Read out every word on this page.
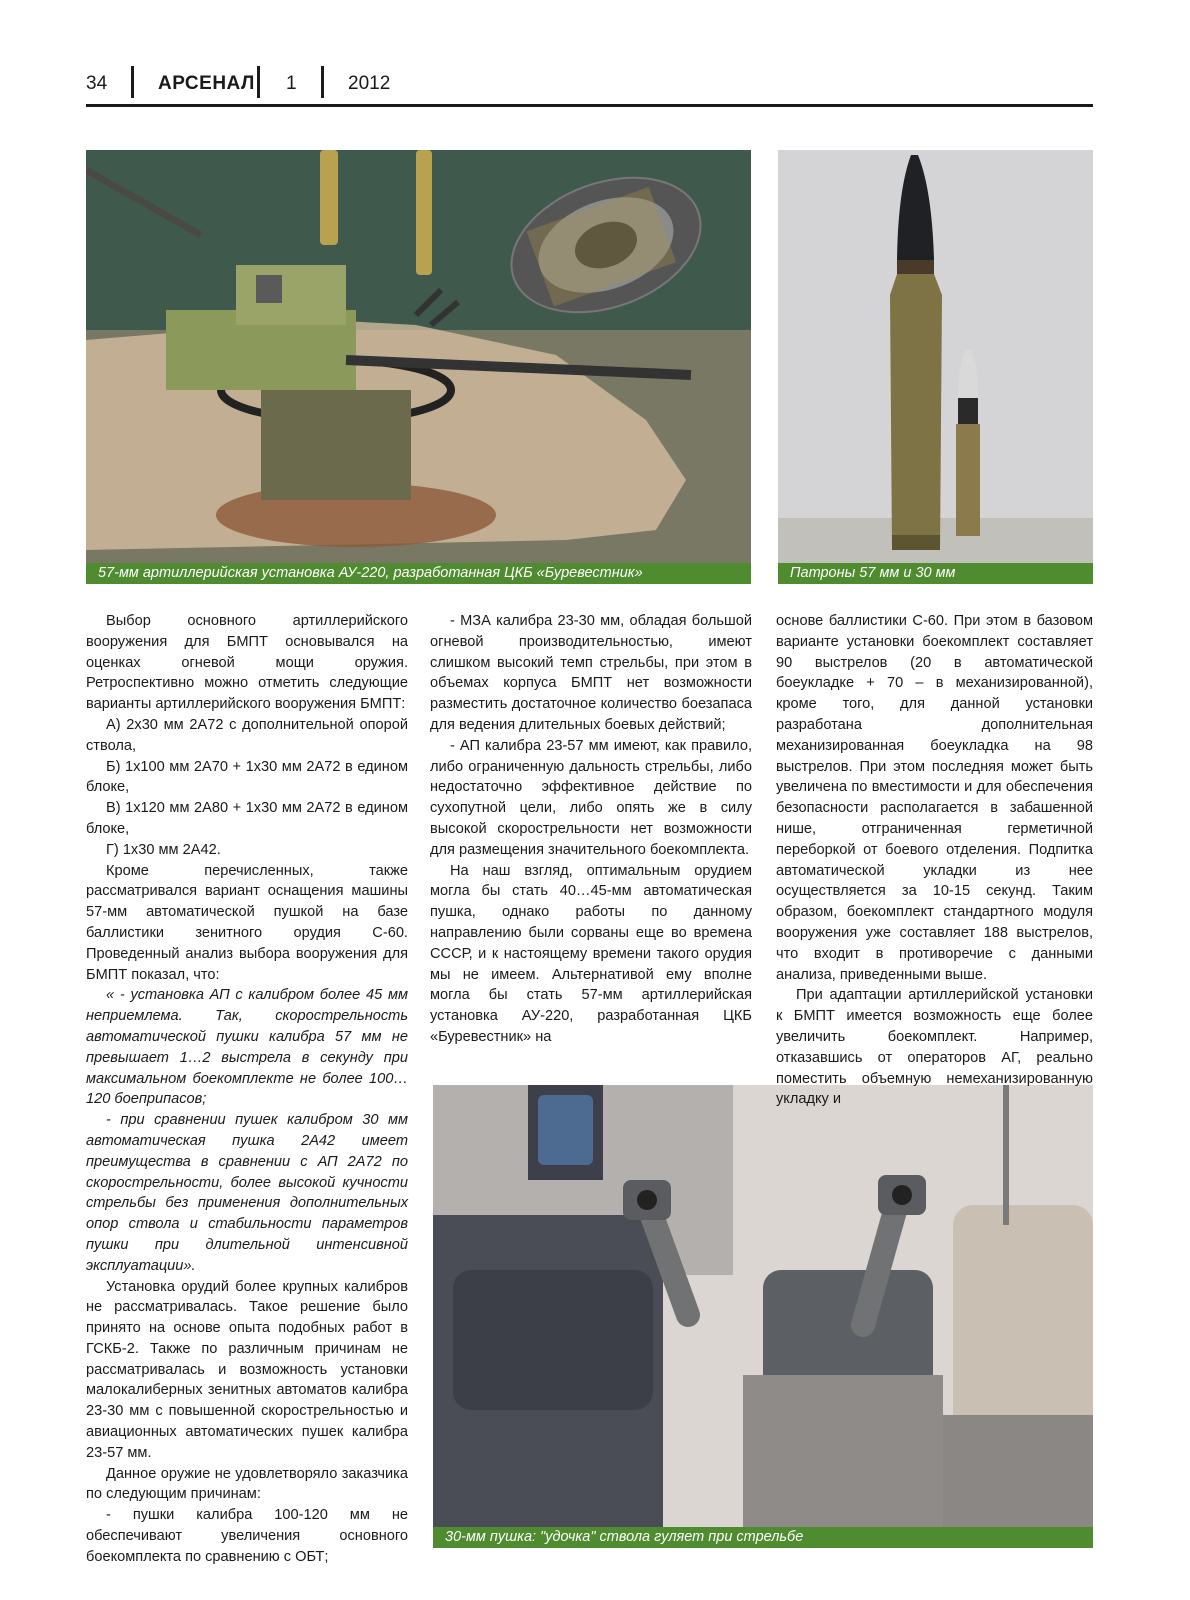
34	АРСЕНАЛ 1	2012
57-мм артиллерийская установка АУ-220, разработанная ЦКБ «Буревестник»	Патроны 57 мм и 30 мм
30-мм пушка: "удочка" ствола гуляет при стрельбе

Выбор основного артиллерийского вооружения для БМПТ основывался на оценках огневой мощи оружия. Ретроспективно можно отметить следующие варианты артиллерийского вооружения БМПТ:

А) 2х30 мм 2А72 с дополнительной опорой ствола,

Б) 1х100 мм 2А70 + 1х30 мм 2А72 в едином блоке,

В) 1х120 мм 2А80 + 1х30 мм 2А72 в едином блоке,

Г) 1х30 мм 2А42.

Кроме перечисленных, также рассматривался вариант оснащения машины 57-мм автоматической пушкой на базе баллистики зенитного орудия С-60. Проведенный анализ выбора вооружения для БМПТ показал, что:

« - установка АП с калибром более 45 мм неприемлема. Так, скорострельность автоматической пушки калибра 57 мм не превышает 1…2 выстрела в секунду при максимальном боекомплекте не более 100…120 боеприпасов;

- при сравнении пушек калибром 30 мм автоматическая пушка 2А42 имеет преимущества в сравнении с АП 2А72 по скорострельности, более высокой кучности стрельбы без применения дополнительных опор ствола и стабильности параметров пушки при длительной интенсивной эксплуатации».

Установка орудий более крупных калибров не рассматривалась. Такое решение было принято на основе опыта подобных работ в ГСКБ-2. Также по различным причинам не рассматривалась и возможность установки малокалиберных зенитных автоматов калибра 23-30 мм с повышенной скорострельностью и авиационных автоматических пушек калибра 23-57 мм.

Данное оружие не удовлетворяло заказчика по следующим причинам:

- пушки калибра 100-120 мм не обеспечивают увеличения основного боекомплекта по сравнению с ОБТ;

- МЗА калибра 23-30 мм, обладая большой огневой производительностью, имеют слишком высокий темп стрельбы, при этом в объемах корпуса БМПТ нет возможности разместить достаточное количество боезапаса для ведения длительных боевых действий;

- АП калибра 23-57 мм имеют, как правило, либо ограниченную дальность стрельбы, либо недостаточно эффективное действие по сухопутной цели, либо опять же в силу высокой скорострельности нет возможности для размещения значительного боекомплекта.

На наш взгляд, оптимальным орудием могла бы стать 40…45-мм автоматическая пушка, однако работы по данному направлению были сорваны еще во времена СССР, и к настоящему времени такого орудия мы не имеем. Альтернативой ему вполне могла бы стать 57-мм артиллерийская установка АУ-220, разработанная ЦКБ «Буревестник» на

основе баллистики С-60. При этом в базовом варианте установки боекомплект составляет 90 выстрелов (20 в автоматической боеукладке + 70 – в механизированной), кроме того, для данной установки разработана дополнительная механизированная боеукладка на 98 выстрелов. При этом последняя может быть увеличена по вместимости и для обеспечения безопасности располагается в забашенной нише, отграниченная герметичной переборкой от боевого отделения. Подпитка автоматической укладки из нее осуществляется за 10-15 секунд. Таким образом, боекомплект стандартного модуля вооружения уже составляет 188 выстрелов, что входит в противоречие с данными анализа, приведенными выше.

При адаптации артиллерийской установки к БМПТ имеется возможность еще более увеличить боекомплект. Например, отказавшись от операторов АГ, реально поместить объемную немеханизированную укладку и
